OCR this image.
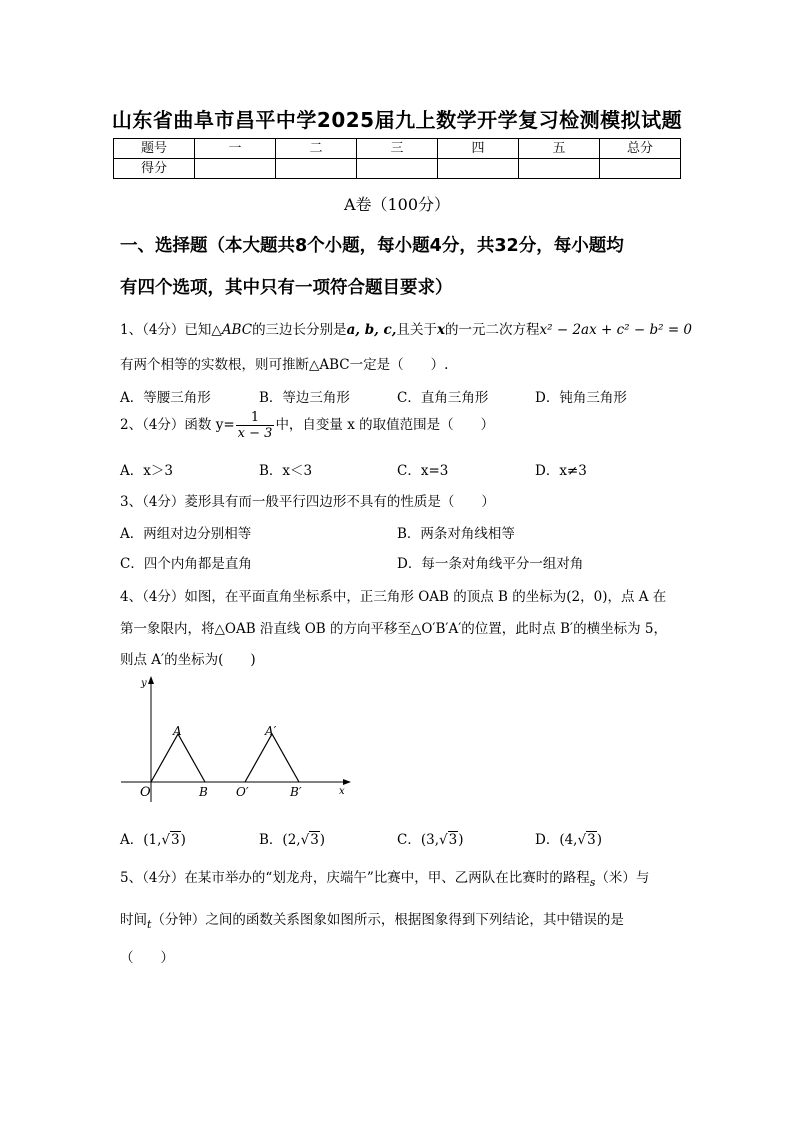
山东省曲阜市昌平中学2025届九上数学开学复习检测模拟试题
题号	一	二	三	四	五	总分
得分						
A卷（100分）
一、选择题（本大题共8个小题，每小题4分，共32分，每小题均
有四个选项，其中只有一项符合题目要求）
1、（4分）已知△ABC的三边长分别是a, b, c,且关于x的一元二次方程x² − 2ax + c² − b² = 0
有两个相等的实数根，则可推断△ABC一定是（　　）.
A．等腰三角形	B．等边三角形	C．直角三角形	D．钝角三角形
2、（4分）函数 $y= \frac{1}{x - 3}$ 中，自变量 x 的取值范围是（　　）
A．x＞3	B．x＜3	C．x=3	D．x≠3
3、（4分）菱形具有而一般平行四边形不具有的性质是（　　）
A．两组对边分别相等	B．两条对角线相等
C．四个内角都是直角	D．每一条对角线平分一组对角
4、（4分）如图，在平面直角坐标系中，正三角形 OAB 的顶点 B 的坐标为(2，0)，点 A 在
第一象限内，将△OAB 沿直线 OB 的方向平移至△O′B′A′的位置，此时点 B′的横坐标为 5，
则点 A′的坐标为(　　)
y
x
O
A
B O′
A′
B′
A．(1,√3)	B．(2,√3)	C．(3,√3)	D．(4,√3)
5、（4分）在某市举办的“划龙舟，庆端午”比赛中，甲、乙两队在比赛时的路程$_s$（米）与
时间$_t$（分钟）之间的函数关系图象如图所示，根据图象得到下列结论，其中错误的是
（　　）
